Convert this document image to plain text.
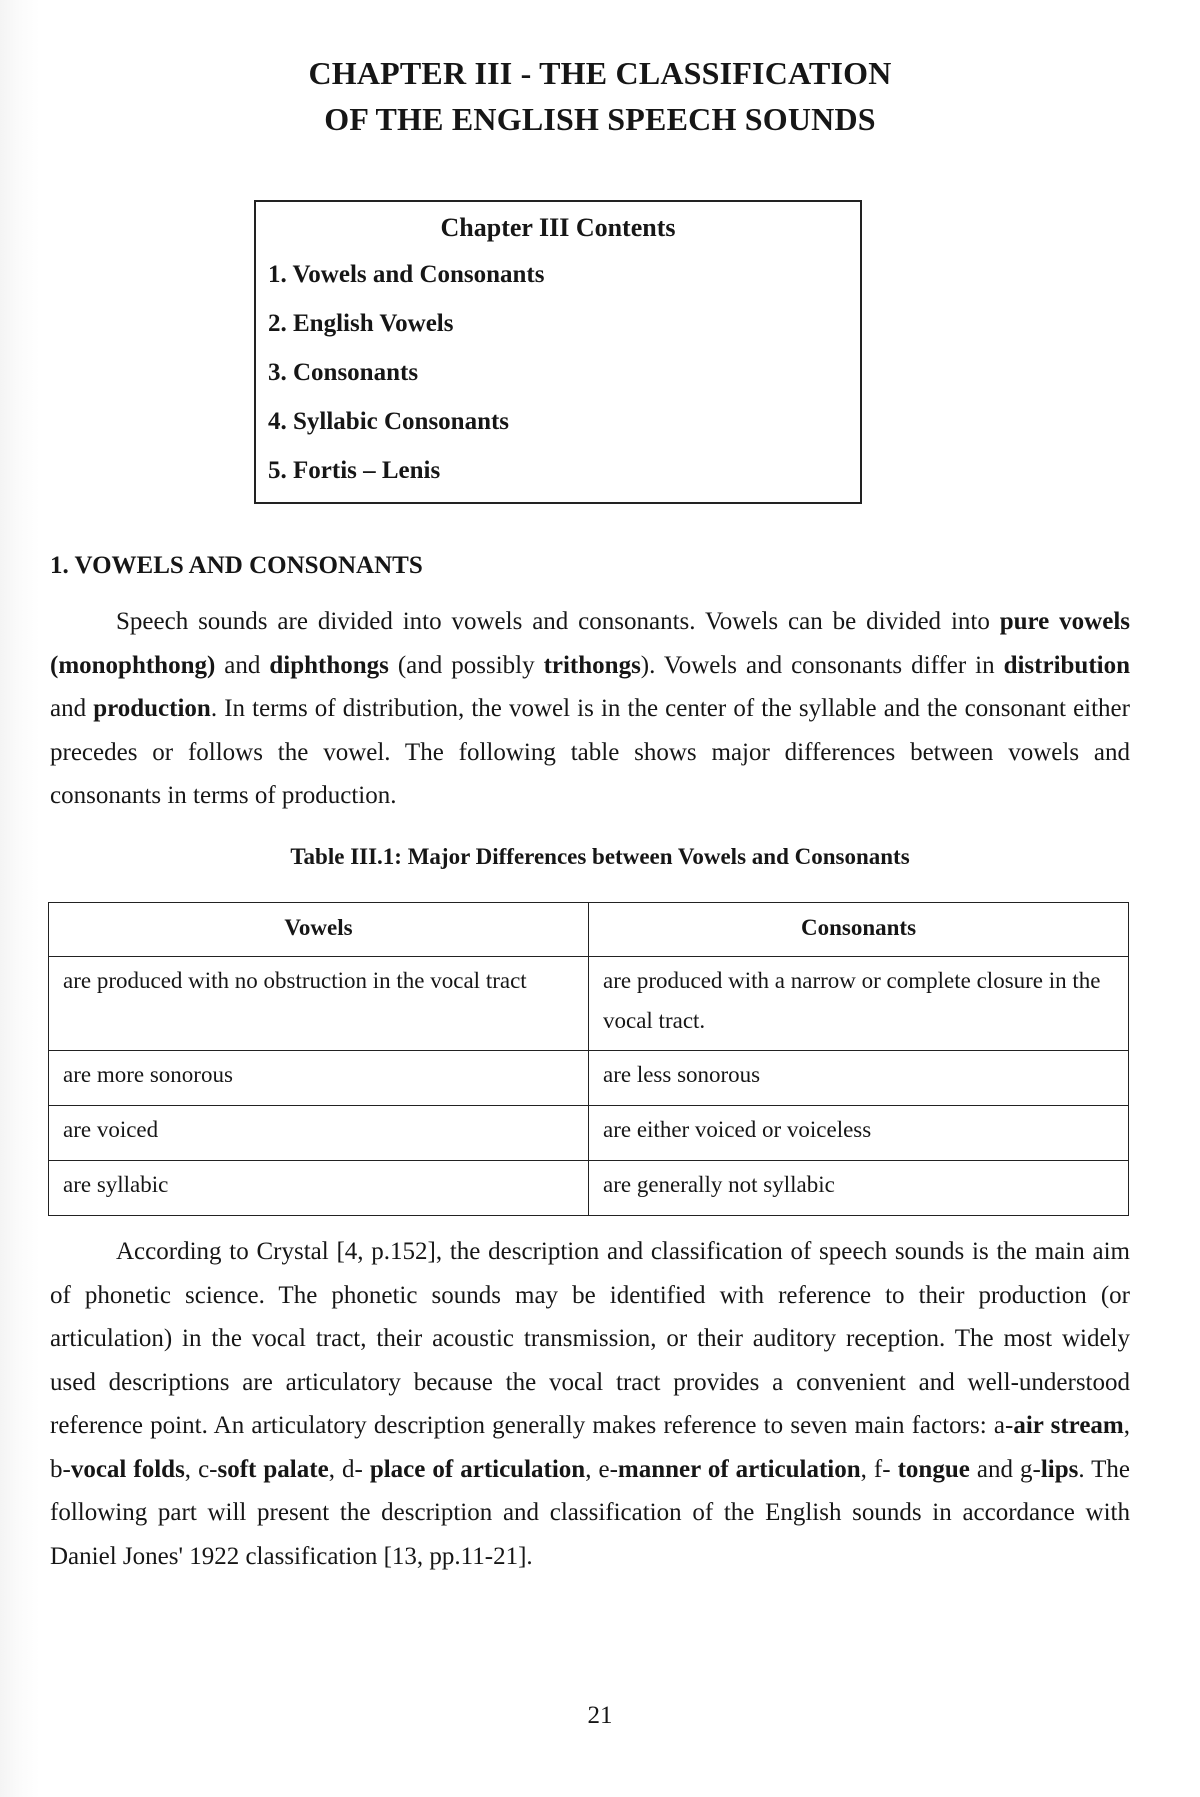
CHAPTER III - THE CLASSIFICATION
OF THE ENGLISH SPEECH SOUNDS
Chapter III Contents
1. Vowels and Consonants
2. English Vowels
3. Consonants
4. Syllabic Consonants
5. Fortis – Lenis
1. VOWELS AND CONSONANTS

Speech sounds are divided into vowels and consonants. Vowels can be divided into pure vowels (monophthong) and diphthongs (and possibly trithongs). Vowels and consonants differ in distribution and production. In terms of distribution, the vowel is in the center of the syllable and the consonant either precedes or follows the vowel. The following table shows major differences between vowels and consonants in terms of production.

Table III.1: Major Differences between Vowels and Consonants
Vowels	Consonants
are produced with no obstruction in the vocal tract	are produced with a narrow or complete closure in the vocal tract.
are more sonorous	are less sonorous
are voiced	are either voiced or voiceless
are syllabic	are generally not syllabic

According to Crystal [4, p.152], the description and classification of speech sounds is the main aim of phonetic science. The phonetic sounds may be identified with reference to their production (or articulation) in the vocal tract, their acoustic transmission, or their auditory reception. The most widely used descriptions are articulatory because the vocal tract provides a convenient and well-understood reference point. An articulatory description generally makes reference to seven main factors: a-air stream, b-vocal folds, c-soft palate, d- place of articulation, e-manner of articulation, f- tongue and g-lips. The following part will present the description and classification of the English sounds in accordance with Daniel Jones' 1922 classification [13, pp.11-21].

21
